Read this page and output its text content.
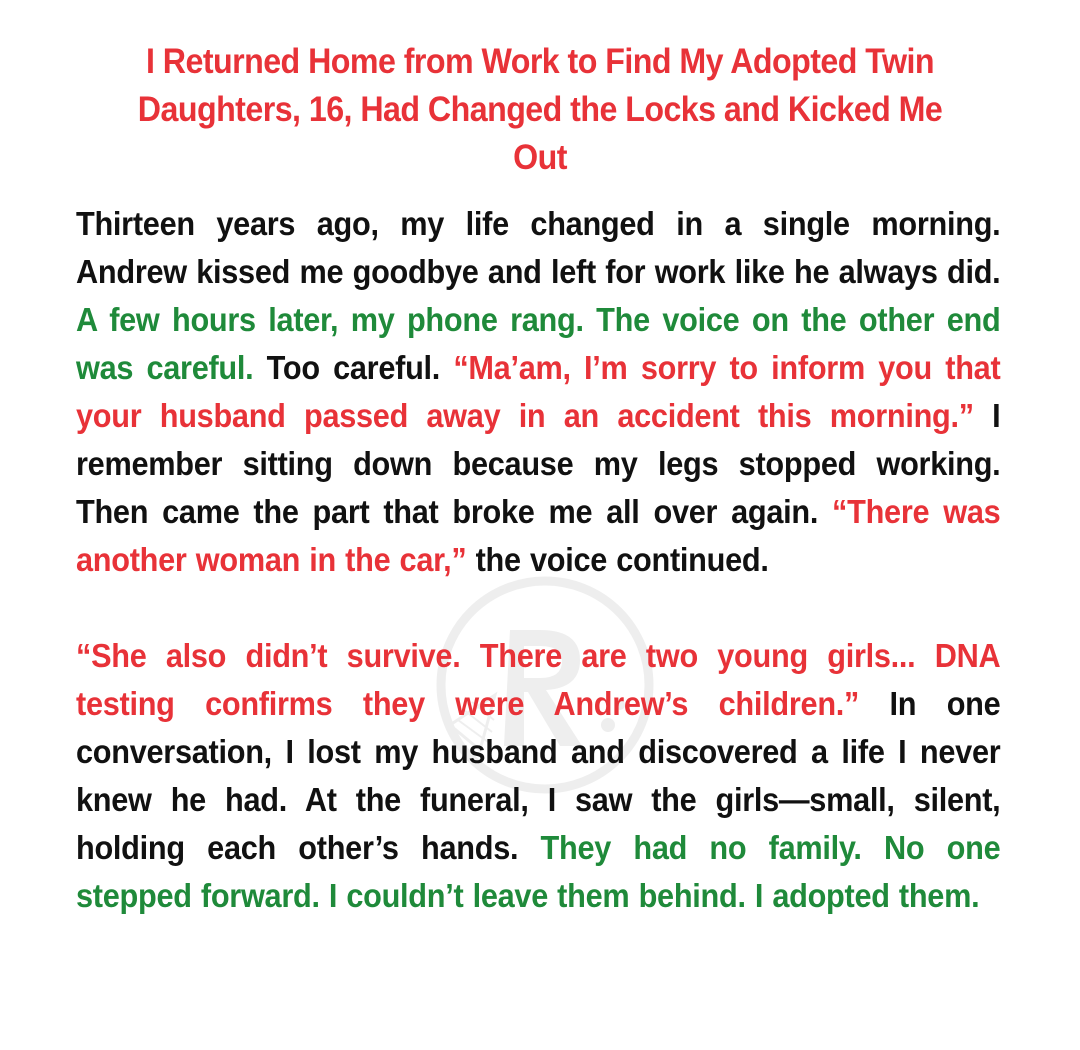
I Returned Home from Work to Find My Adopted Twin Daughters, 16, Had Changed the Locks and Kicked Me Out

Thirteen years ago, my life changed in a single morning. Andrew kissed me goodbye and left for work like he always did. A few hours later, my phone rang. The voice on the other end was careful. Too careful. “Ma’am, I’m sorry to inform you that your husband passed away in an accident this morning.” I remember sitting down because my legs stopped working. Then came the part that broke me all over again. “There was another woman in the car,” the voice continued.

“She also didn’t survive. There are two young girls... DNA testing confirms they were Andrew’s children.” In one conversation, I lost my husband and discovered a life I never knew he had. At the funeral, I saw the girls—small, silent, holding each other’s hands. They had no family. No one stepped forward. I couldn’t leave them behind. I adopted them.
